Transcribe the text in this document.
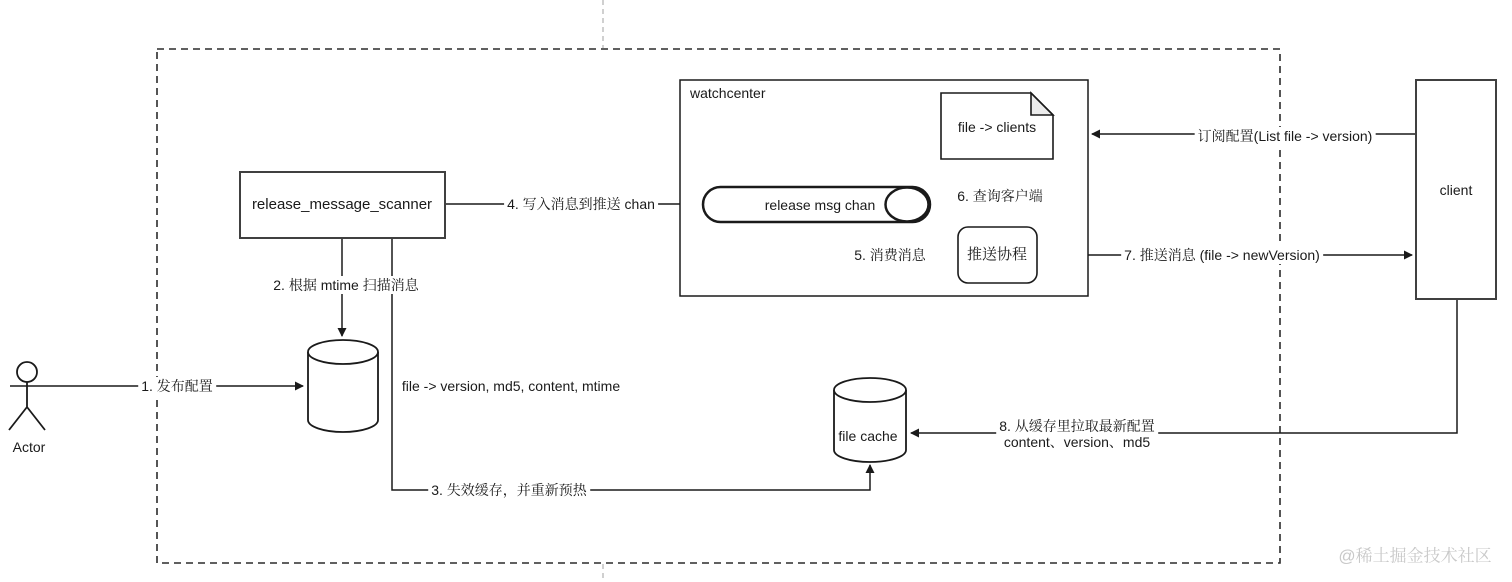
watchcenter
release_message_scanner	release msg chan
file -> clients
推送协程
client
file cache
Actor
file -> version, md5, content, mtime
1. 发布配置
2. 根据 mtime 扫描消息
3. 失效缓存，并重新预热
4. 写入消息到推送 chan
5. 消费消息
6. 查询客户端
7. 推送消息 (file -> newVersion)
订阅配置(List file -> version)
8. 从缓存里拉取最新配置
content、version、md5
@稀土掘金技术社区
